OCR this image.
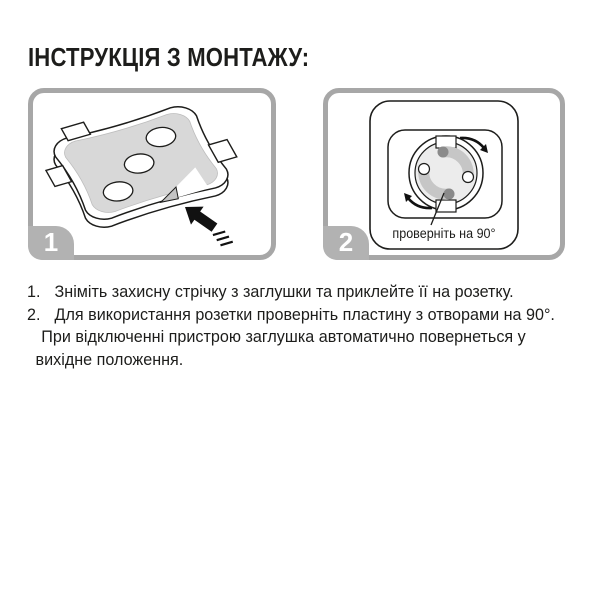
ІНСТРУКЦІЯ З МОНТАЖУ:
1	проверніть на 90°
2
1. Зніміть захисну стрічку з заглушки та приклейте її на розетку.
2. Для використання розетки проверніть пластину з отворами на 90°.
При відключенні пристрою заглушка автоматично повернеться у
вихідне положення.
